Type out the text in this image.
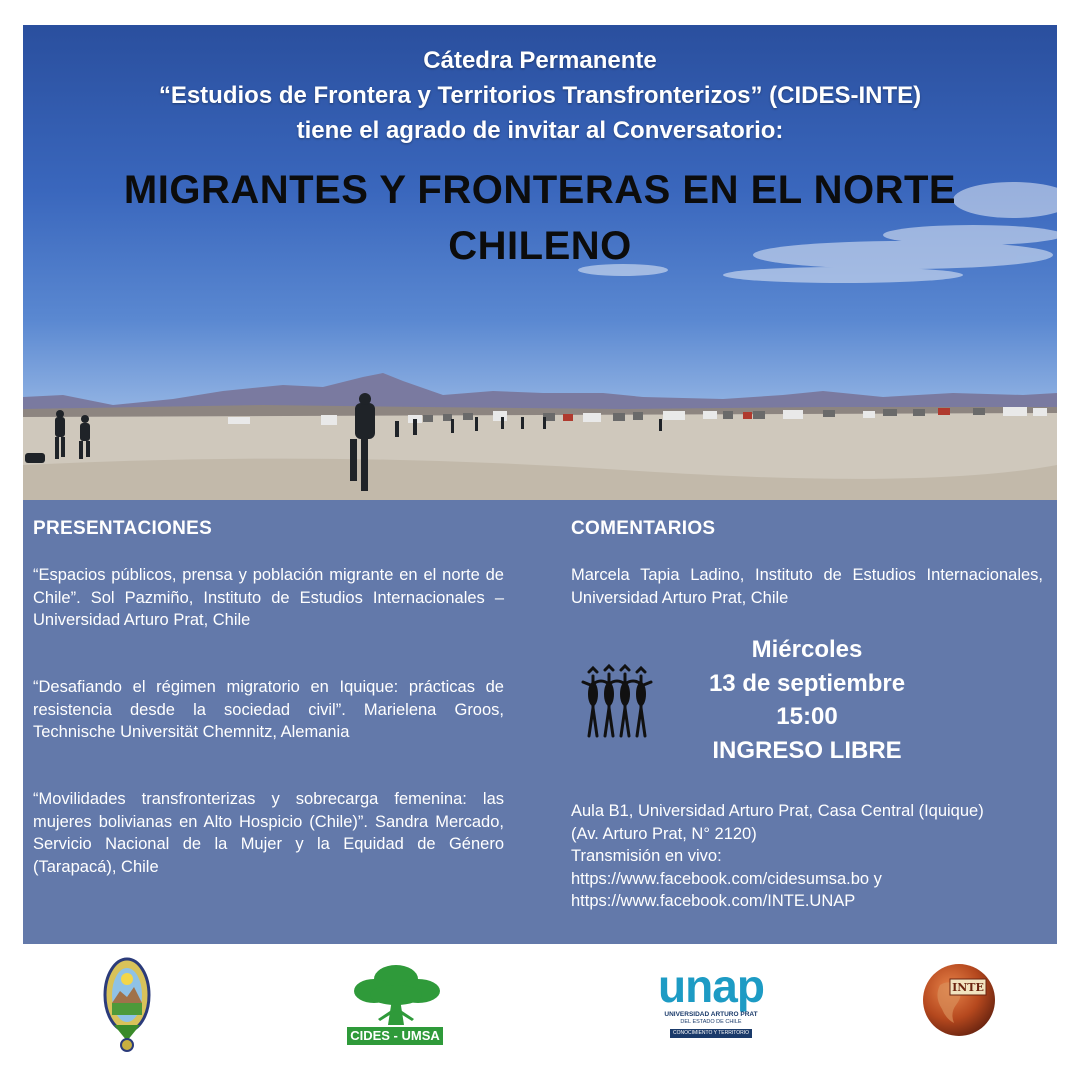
Cátedra Permanente
“Estudios de Frontera y Territorios Transfronterizos” (CIDES-INTE)
tiene el agrado de invitar al Conversatorio:
MIGRANTES Y FRONTERAS EN EL NORTE
CHILENO
PRESENTACIONES
“Espacios públicos, prensa y población migrante en el norte de Chile”. Sol Pazmiño, Instituto de Estudios Internacionales – Universidad Arturo Prat, Chile
“Desafiando el régimen migratorio en Iquique: prácticas de resistencia desde la sociedad civil”. Marielena Groos, Technische Universität Chemnitz, Alemania
“Movilidades transfronterizas y sobrecarga femenina: las mujeres bolivianas en Alto Hospicio (Chile)”. Sandra Mercado, Servicio Nacional de la Mujer y la Equidad de Género (Tarapacá), Chile
COMENTARIOS
Marcela Tapia Ladino, Instituto de Estudios Internacionales, Universidad Arturo Prat, Chile
Miércoles
13 de septiembre
15:00
INGRESO LIBRE
Aula B1, Universidad Arturo Prat, Casa Central (Iquique)
(Av. Arturo Prat, N° 2120)
Transmisión en vivo:
https://www.facebook.com/cidesumsa.bo y
https://www.facebook.com/INTE.UNAP
CIDES - UMSA
unap
UNIVERSIDAD ARTURO PRAT
DEL ESTADO DE CHILE
CONOCIMIENTO Y TERRITORIO
INTE
